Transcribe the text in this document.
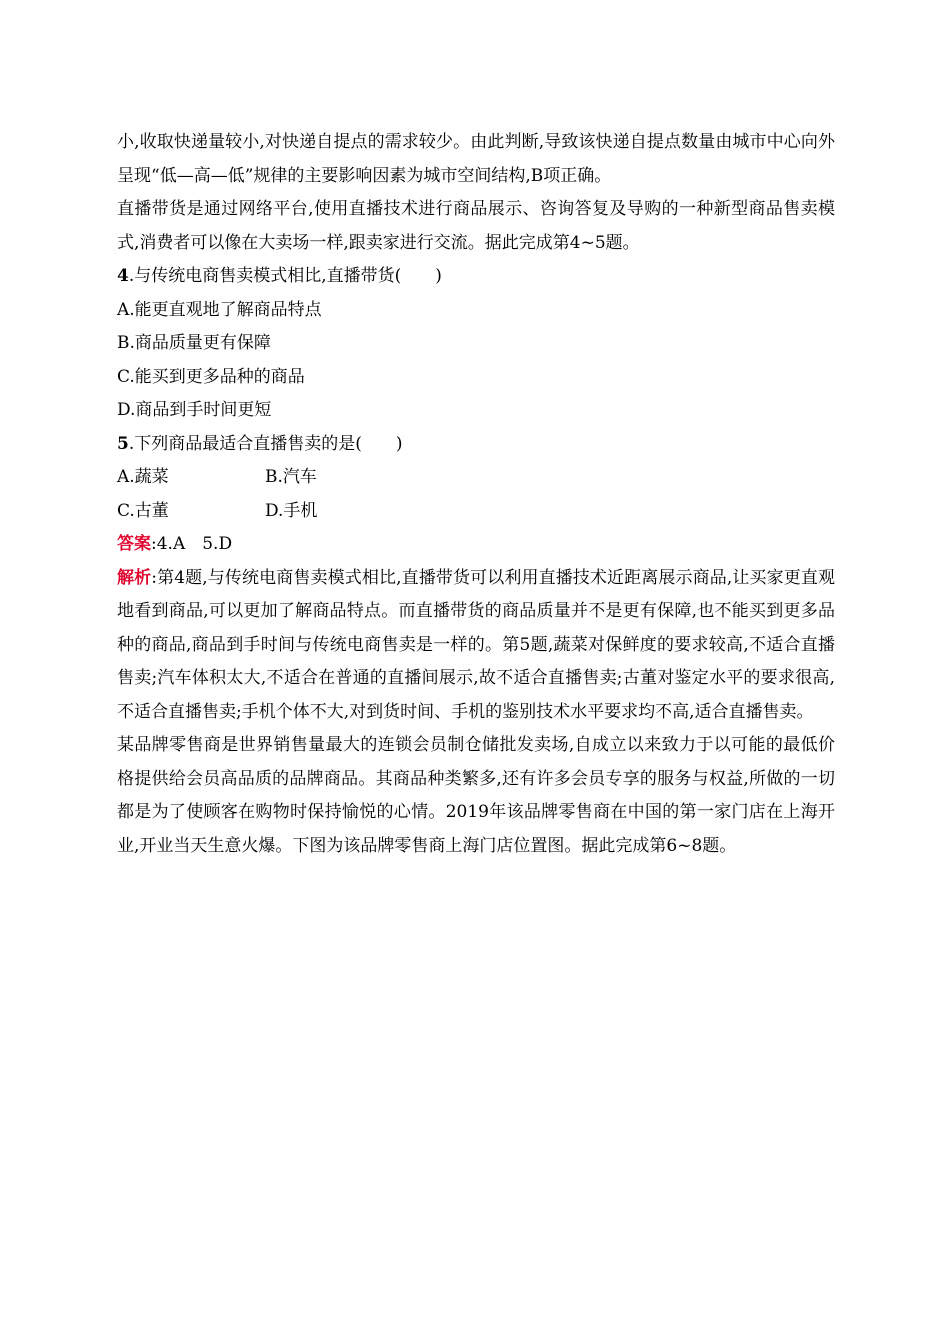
小,收取快递量较小,对快递自提点的需求较少。由此判断,导致该快递自提点数量由城市中心向外呈现“低—高—低”规律的主要影响因素为城市空间结构,B项正确。

直播带货是通过网络平台,使用直播技术进行商品展示、咨询答复及导购的一种新型商品售卖模式,消费者可以像在大卖场一样,跟卖家进行交流。据此完成第4~5题。

4.与传统电商售卖模式相比,直播带货(　　)

A.能更直观地了解商品特点

B.商品质量更有保障

C.能买到更多品种的商品

D.商品到手时间更短

5.下列商品最适合直播售卖的是(　　)

A.蔬菜	B.汽车

C.古董	D.手机

答案:4.A　5.D

解析:第4题,与传统电商售卖模式相比,直播带货可以利用直播技术近距离展示商品,让买家更直观地看到商品,可以更加了解商品特点。而直播带货的商品质量并不是更有保障,也不能买到更多品种的商品,商品到手时间与传统电商售卖是一样的。第5题,蔬菜对保鲜度的要求较高,不适合直播售卖;汽车体积太大,不适合在普通的直播间展示,故不适合直播售卖;古董对鉴定水平的要求很高,不适合直播售卖;手机个体不大,对到货时间、手机的鉴别技术水平要求均不高,适合直播售卖。

某品牌零售商是世界销售量最大的连锁会员制仓储批发卖场,自成立以来致力于以可能的最低价格提供给会员高品质的品牌商品。其商品种类繁多,还有许多会员专享的服务与权益,所做的一切都是为了使顾客在购物时保持愉悦的心情。2019年该品牌零售商在中国的第一家门店在上海开业,开业当天生意火爆。下图为该品牌零售商上海门店位置图。据此完成第6~8题。
